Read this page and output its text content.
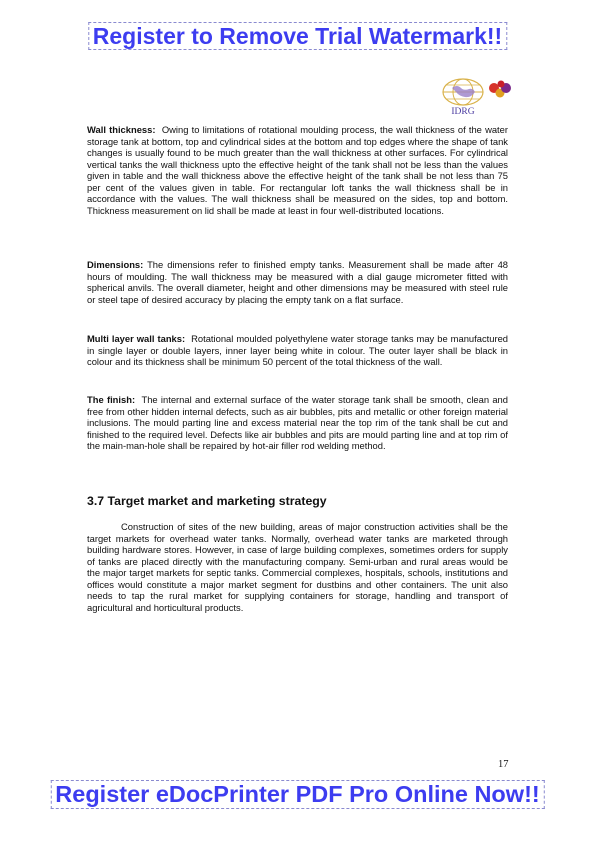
Register to Remove Trial Watermark!!
IDRG

Wall thickness: Owing to limitations of rotational moulding process, the wall thickness of the water storage tank at bottom, top and cylindrical sides at the bottom and top edges where the shape of tank changes is usually found to be much greater than the wall thickness at other surfaces. For cylindrical vertical tanks the wall thickness upto the effective height of the tank shall not be less than the values given in table and the wall thickness above the effective height of the tank shall be not less than 75 per cent of the values given in table. For rectangular loft tanks the wall thickness shall be in accordance with the values. The wall thickness shall be measured on the sides, top and bottom. Thickness measurement on lid shall be made at least in four well-distributed locations.

Dimensions: The dimensions refer to finished empty tanks. Measurement shall be made after 48 hours of moulding. The wall thickness may be measured with a dial gauge micrometer fitted with spherical anvils. The overall diameter, height and other dimensions may be measured with steel rule or steel tape of desired accuracy by placing the empty tank on a flat surface.

Multi layer wall tanks: Rotational moulded polyethylene water storage tanks may be manufactured in single layer or double layers, inner layer being white in colour. The outer layer shall be black in colour and its thickness shall be minimum 50 percent of the total thickness of the wall.

The finish: The internal and external surface of the water storage tank shall be smooth, clean and free from other hidden internal defects, such as air bubbles, pits and metallic or other foreign material inclusions. The mould parting line and excess material near the top rim of the tank shall be cut and finished to the required level. Defects like air bubbles and pits are mould parting line and at top rim of the main-man-hole shall be repaired by hot-air filler rod welding method.

3.7 Target market and marketing strategy

Construction of sites of the new building, areas of major construction activities shall be the target markets for overhead water tanks. Normally, overhead water tanks are marketed through building hardware stores. However, in case of large building complexes, sometimes orders for supply of tanks are placed directly with the manufacturing company. Semi-urban and rural areas would be the major target markets for septic tanks. Commercial complexes, hospitals, schools, institutions and offices would constitute a major market segment for dustbins and other containers. The unit also needs to tap the rural market for supplying containers for storage, handling and transport of agricultural and horticultural products.

17
Register eDocPrinter PDF Pro Online Now!!
